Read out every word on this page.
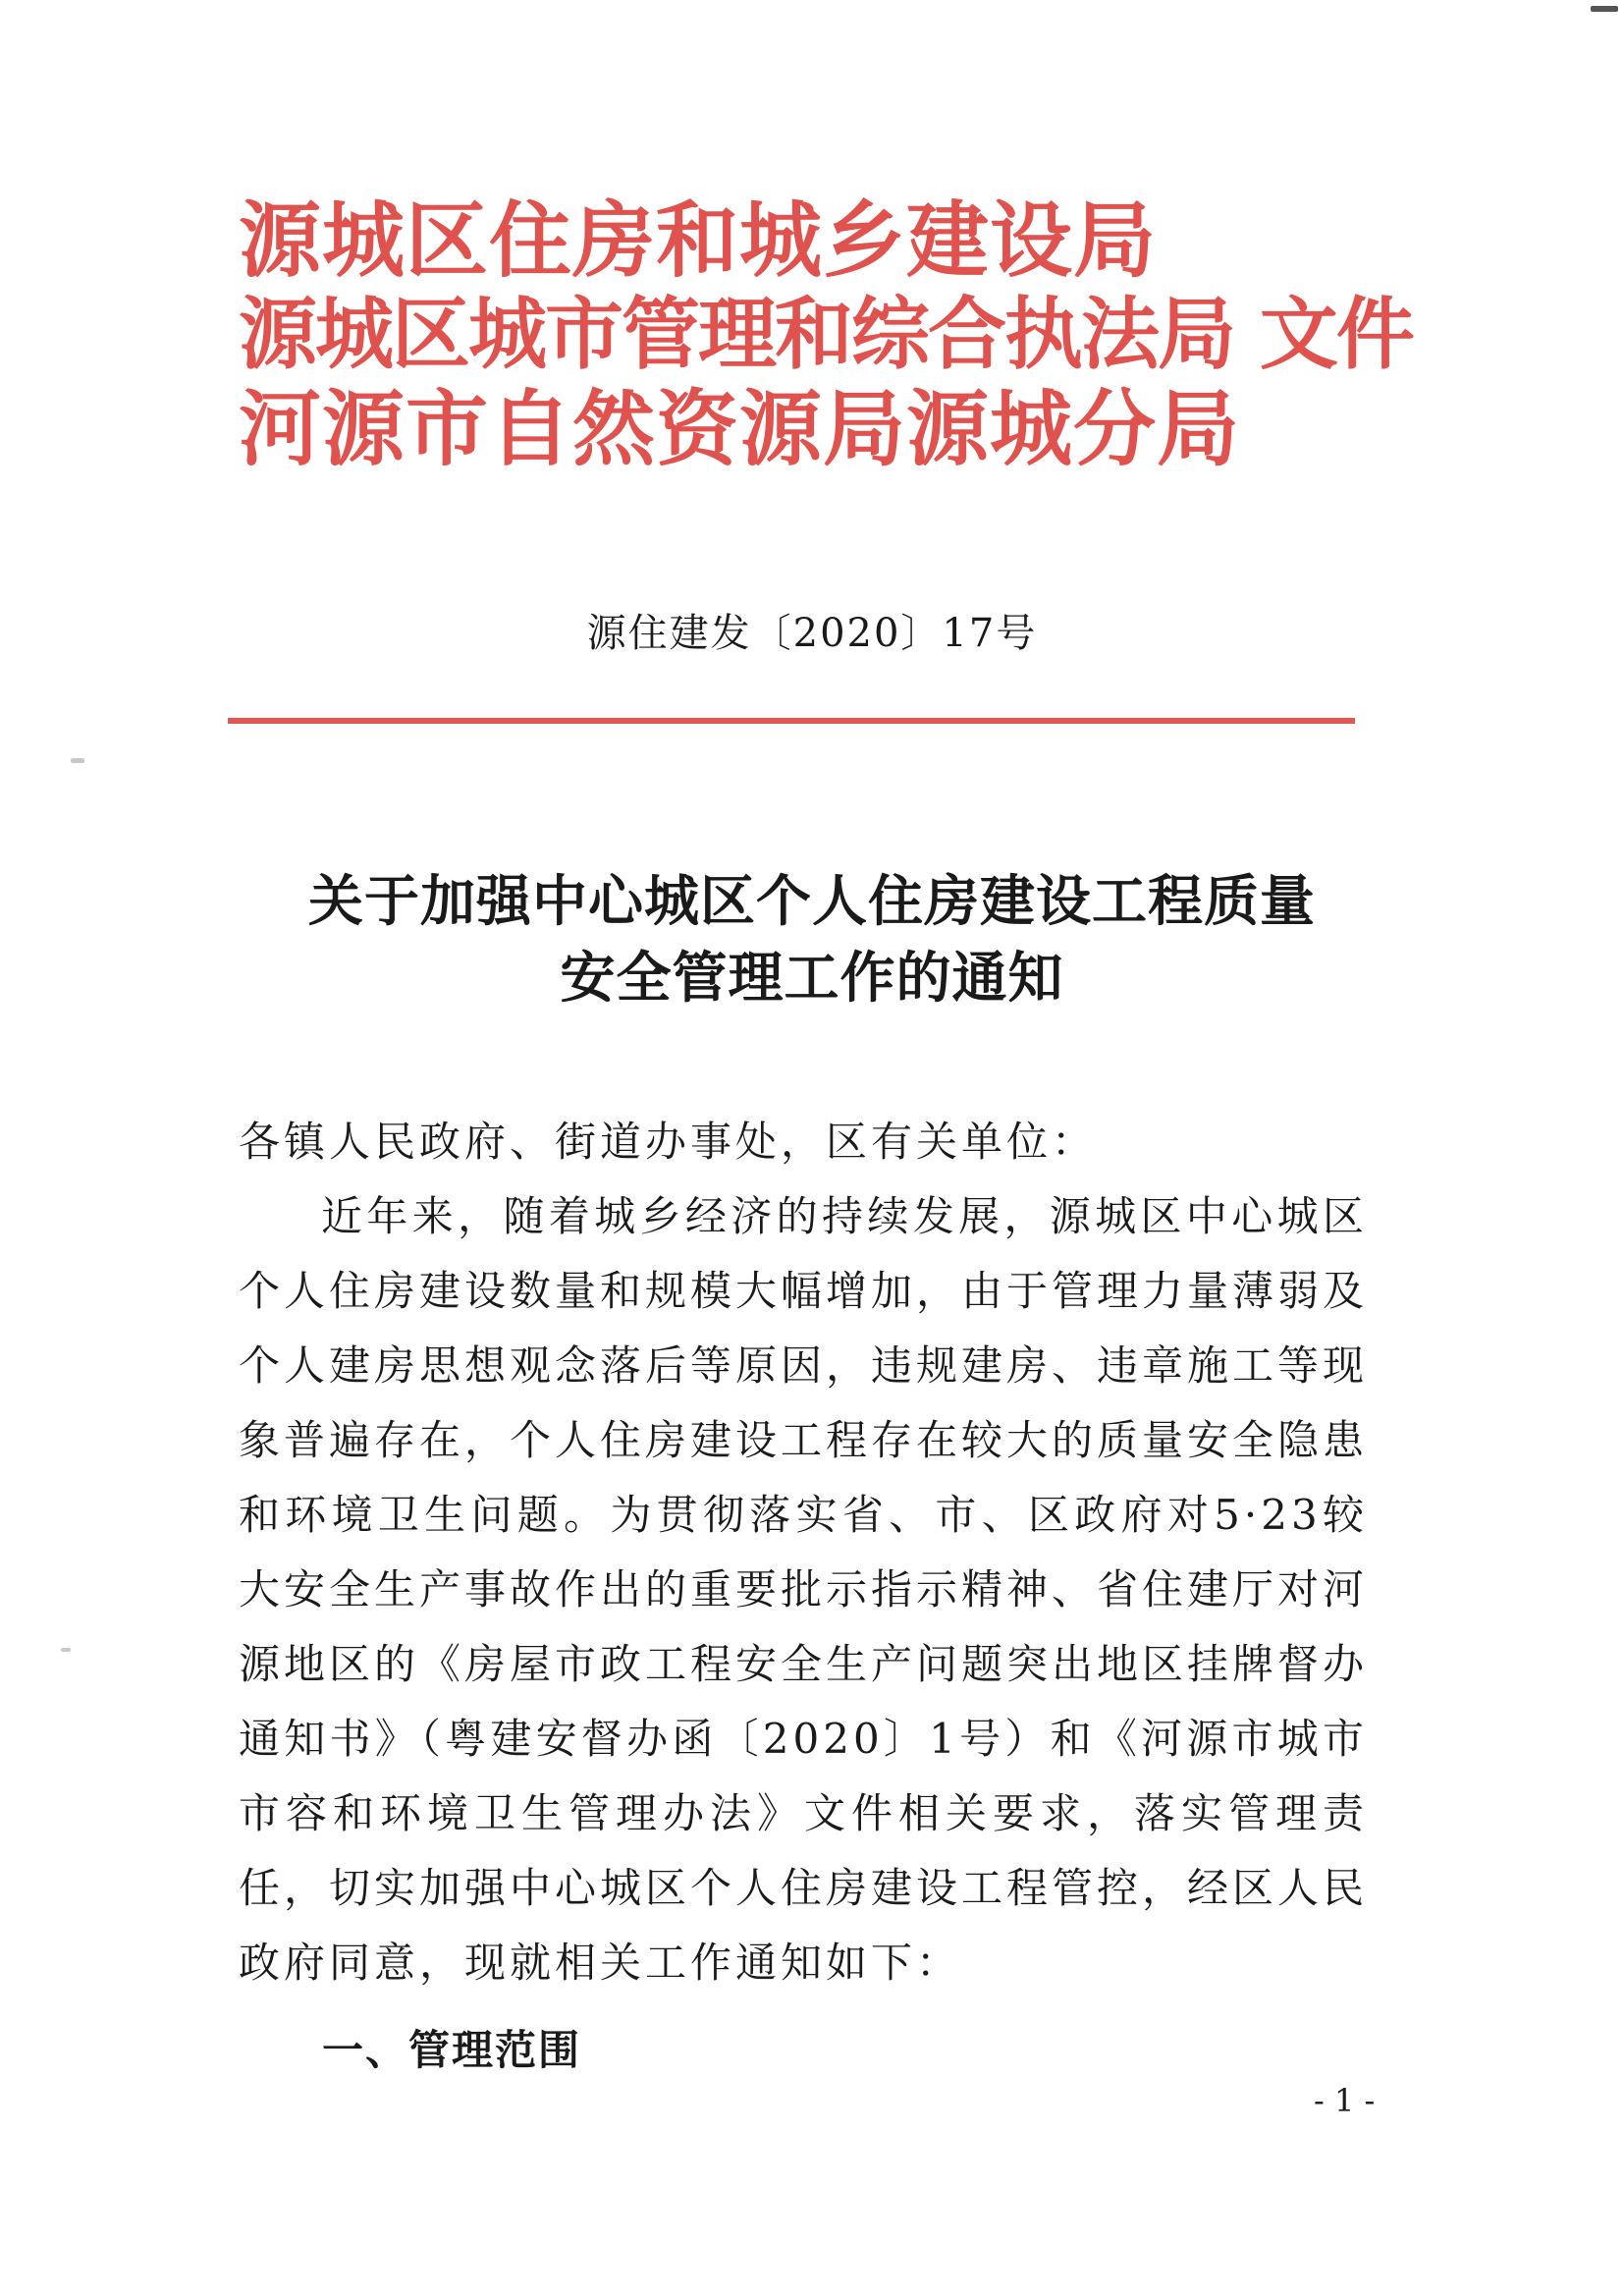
源城区住房和城乡建设局
源城区城市管理和综合执法局 文件
河源市自然资源局源城分局
源住建发〔2020〕17号
关于加强中心城区个人住房建设工程质量
安全管理工作的通知

各镇人民政府、街道办事处，区有关单位：

近年来，随着城乡经济的持续发展，源城区中心城区个人住房建设数量和规模大幅增加，由于管理力量薄弱及个人建房思想观念落后等原因，违规建房、违章施工等现象普遍存在，个人住房建设工程存在较大的质量安全隐患和环境卫生问题。为贯彻落实省、市、区政府对5·23较大安全生产事故作出的重要批示指示精神、省住建厅对河源地区的《房屋市政工程安全生产问题突出地区挂牌督办通知书》（粤建安督办函〔2020〕1号）和《河源市城市市容和环境卫生管理办法》文件相关要求，落实管理责任，切实加强中心城区个人住房建设工程管控，经区人民政府同意，现就相关工作通知如下：

一、管理范围
- 1 -
